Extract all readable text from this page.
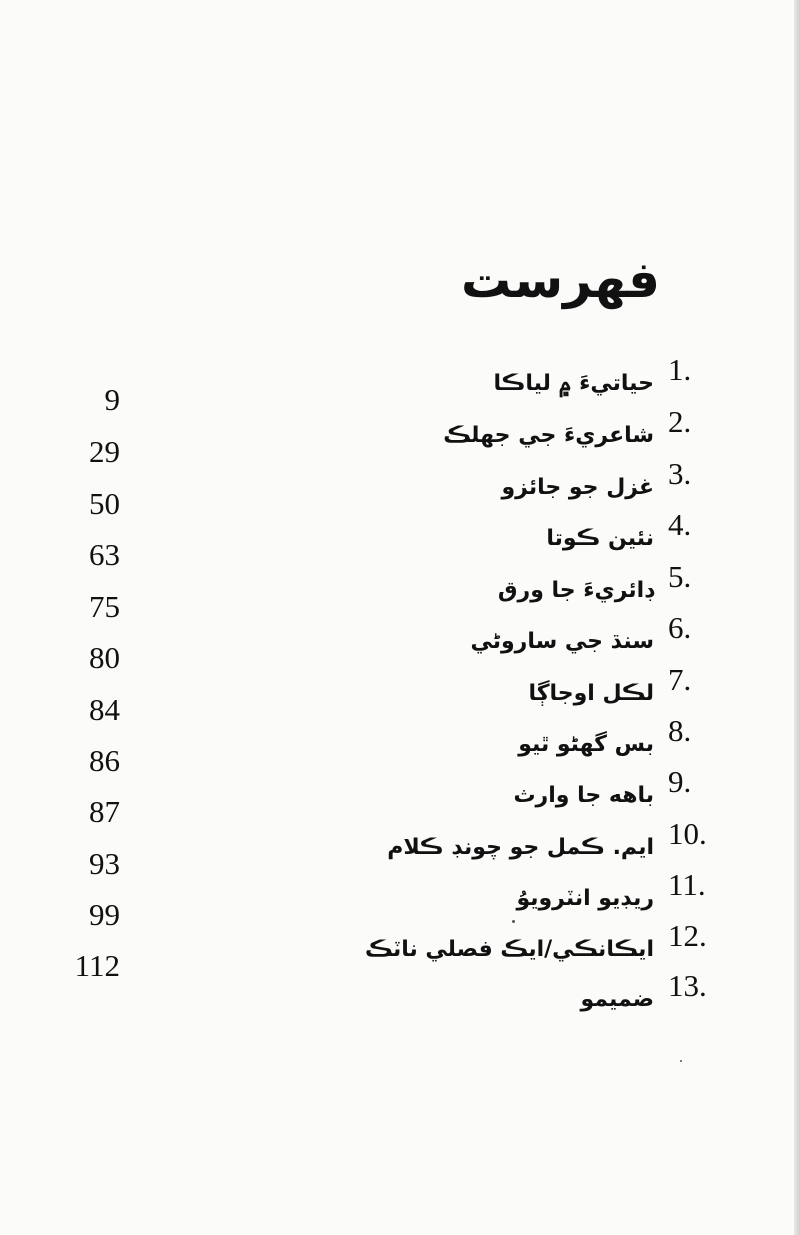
فهرست
1.
حياتيءَ ۾ لياڪا
9
2.
شاعريءَ جي جهلڪ
29
3.
غزل جو جائزو
50
4.
نئين ڪوتا
63
5.
ڊائريءَ جا ورق
75
6.
سنڌ جي ساروڻي
80
7.
لڪل اوجاڳا
84
8.
بس گهڻو ٿيو
86
9.
باهه جا وارث
87
10.
ايم. ڪمل جو چونڊ ڪلام
93
11.
ريڊيو انٽرويوُ
99
12.
ايڪانڪي/ايڪ فصلي ناٽڪ
112
13.
ضميمو
